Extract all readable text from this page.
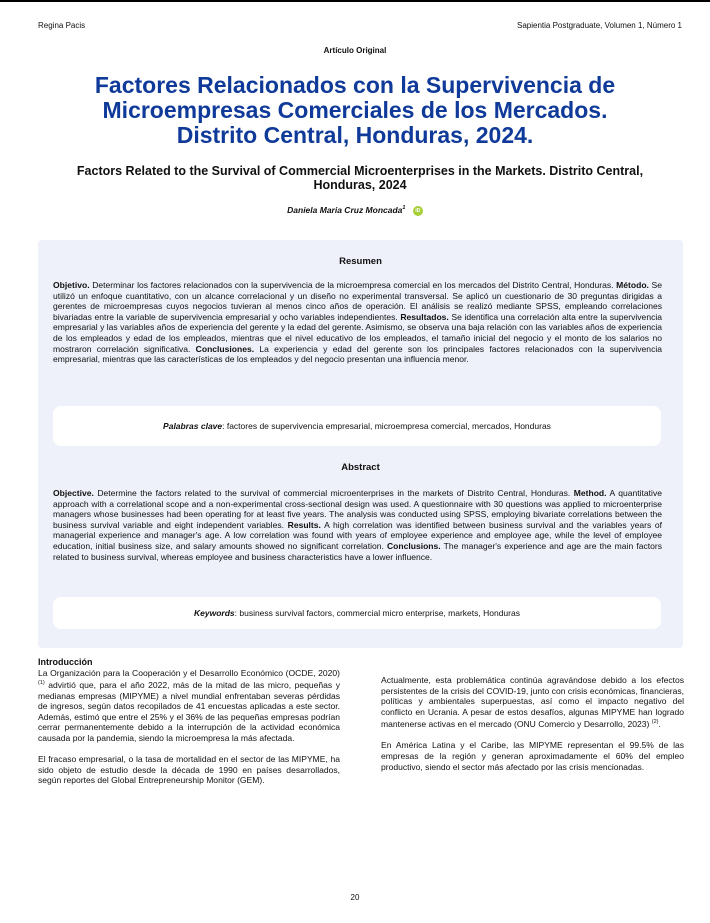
Regina Pacis	Sapientia Postgraduate, Volumen 1, Número 1
Artículo Original
Factores Relacionados con la Supervivencia de Microempresas Comerciales de los Mercados. Distrito Central, Honduras, 2024.
Factors Related to the Survival of Commercial Microenterprises in the Markets. Distrito Central, Honduras, 2024
Daniela Maria Cruz Moncada$^1$ iD
Resumen

Objetivo. Determinar los factores relacionados con la supervivencia de la microempresa comercial en los mercados del Distrito Central, Honduras. Método. Se utilizó un enfoque cuantitativo, con un alcance correlacional y un diseño no experimental transversal. Se aplicó un cuestionario de 30 preguntas dirigidas a gerentes de microempresas cuyos negocios tuvieran al menos cinco años de operación. El análisis se realizó mediante SPSS, empleando correlaciones bivariadas entre la variable de supervivencia empresarial y ocho variables independientes. Resultados. Se identifica una correlación alta entre la supervivencia empresarial y las variables años de experiencia del gerente y la edad del gerente. Asimismo, se observa una baja relación con las variables años de experiencia de los empleados y edad de los empleados, mientras que el nivel educativo de los empleados, el tamaño inicial del negocio y el monto de los salarios no mostraron correlación significativa. Conclusiones. La experiencia y edad del gerente son los principales factores relacionados con la supervivencia empresarial, mientras que las características de los empleados y del negocio presentan una influencia menor.

Palabras clave: factores de supervivencia empresarial, microempresa comercial, mercados, Honduras
Abstract

Objective. Determine the factors related to the survival of commercial microenterprises in the markets of Distrito Central, Honduras. Method. A quantitative approach with a correlational scope and a non-experimental cross-sectional design was used. A questionnaire with 30 questions was applied to microenterprise managers whose businesses had been operating for at least five years. The analysis was conducted using SPSS, employing bivariate correlations between the business survival variable and eight independent variables. Results. A high correlation was identified between business survival and the variables years of managerial experience and manager's age. A low correlation was found with years of employee experience and employee age, while the level of employee education, initial business size, and salary amounts showed no significant correlation. Conclusions. The manager's experience and age are the main factors related to business survival, whereas employee and business characteristics have a lower influence.

Keywords: business survival factors, commercial micro enterprise, markets, Honduras
Introducción

La Organización para la Cooperación y el Desarrollo Económico (OCDE, 2020) $^{(1)}$ advirtió que, para el año 2022, más de la mitad de las micro, pequeñas y medianas empresas (MIPYME) a nivel mundial enfrentaban severas pérdidas de ingresos, según datos recopilados de 41 encuestas aplicadas a este sector. Además, estimó que entre el 25% y el 36% de las pequeñas empresas podrían cerrar permanentemente debido a la interrupción de la actividad económica causada por la pandemia, siendo la microempresa la más afectada.

El fracaso empresarial, o la tasa de mortalidad en el sector de las MIPYME, ha sido objeto de estudio desde la década de 1990 en países desarrollados, según reportes del Global Entrepreneurship Monitor (GEM).

Actualmente, esta problemática continúa agravándose debido a los efectos persistentes de la crisis del COVID-19, junto con crisis económicas, financieras, políticas y ambientales superpuestas, así como el impacto negativo del conflicto en Ucrania. A pesar de estos desafíos, algunas MIPYME han logrado mantenerse activas en el mercado (ONU Comercio y Desarrollo, 2023) $^{(2)}$.

En América Latina y el Caribe, las MIPYME representan el 99.5% de las empresas de la región y generan aproximadamente el 60% del empleo productivo, siendo el sector más afectado por las crisis mencionadas.

20
